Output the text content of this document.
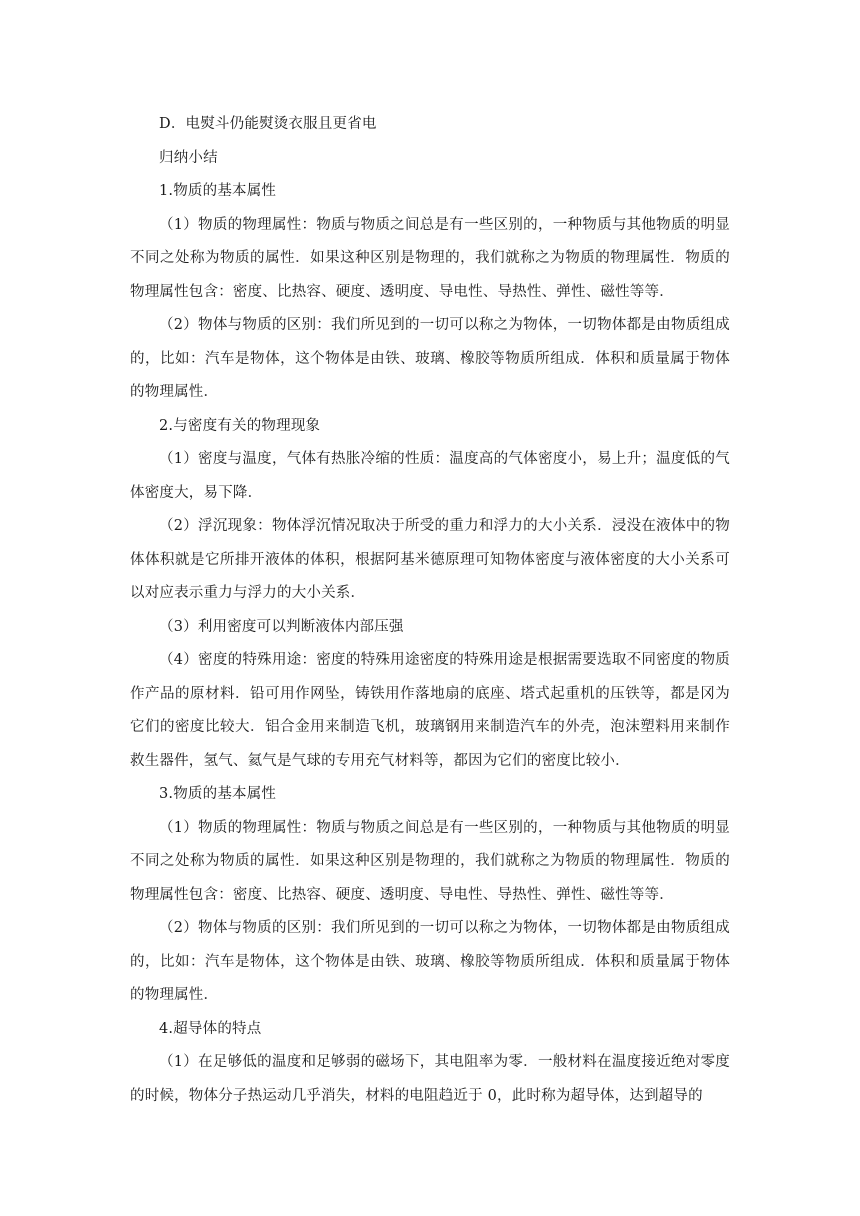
D．电熨斗仍能熨烫衣服且更省电

归纳小结

1.物质的基本属性

（1）物质的物理属性：物质与物质之间总是有一些区别的，一种物质与其他物质的明显不同之处称为物质的属性．如果这种区别是物理的，我们就称之为物质的物理属性．物质的物理属性包含：密度、比热容、硬度、透明度、导电性、导热性、弹性、磁性等等．

（2）物体与物质的区别：我们所见到的一切可以称之为物体，一切物体都是由物质组成的，比如：汽车是物体，这个物体是由铁、玻璃、橡胶等物质所组成．体积和质量属于物体的物理属性．

2.与密度有关的物理现象

（1）密度与温度，气体有热胀冷缩的性质：温度高的气体密度小，易上升；温度低的气体密度大，易下降．

（2）浮沉现象：物体浮沉情况取决于所受的重力和浮力的大小关系．浸没在液体中的物体体积就是它所排开液体的体积，根据阿基米德原理可知物体密度与液体密度的大小关系可以对应表示重力与浮力的大小关系．

（3）利用密度可以判断液体内部压强

（4）密度的特殊用途：密度的特殊用途密度的特殊用途是根据需要选取不同密度的物质作产品的原材料．铅可用作网坠，铸铁用作落地扇的底座、塔式起重机的压铁等，都是冈为它们的密度比较大．铝合金用来制造飞机，玻璃钢用来制造汽车的外壳，泡沫塑料用来制作救生器件，氢气、氦气是气球的专用充气材料等，都因为它们的密度比较小．

3.物质的基本属性

（1）物质的物理属性：物质与物质之间总是有一些区别的，一种物质与其他物质的明显不同之处称为物质的属性．如果这种区别是物理的，我们就称之为物质的物理属性．物质的物理属性包含：密度、比热容、硬度、透明度、导电性、导热性、弹性、磁性等等．

（2）物体与物质的区别：我们所见到的一切可以称之为物体，一切物体都是由物质组成的，比如：汽车是物体，这个物体是由铁、玻璃、橡胶等物质所组成．体积和质量属于物体的物理属性．

4.超导体的特点

（1）在足够低的温度和足够弱的磁场下，其电阻率为零．一般材料在温度接近绝对零度的时候，物体分子热运动几乎消失，材料的电阻趋近于 0，此时称为超导体，达到超导的
